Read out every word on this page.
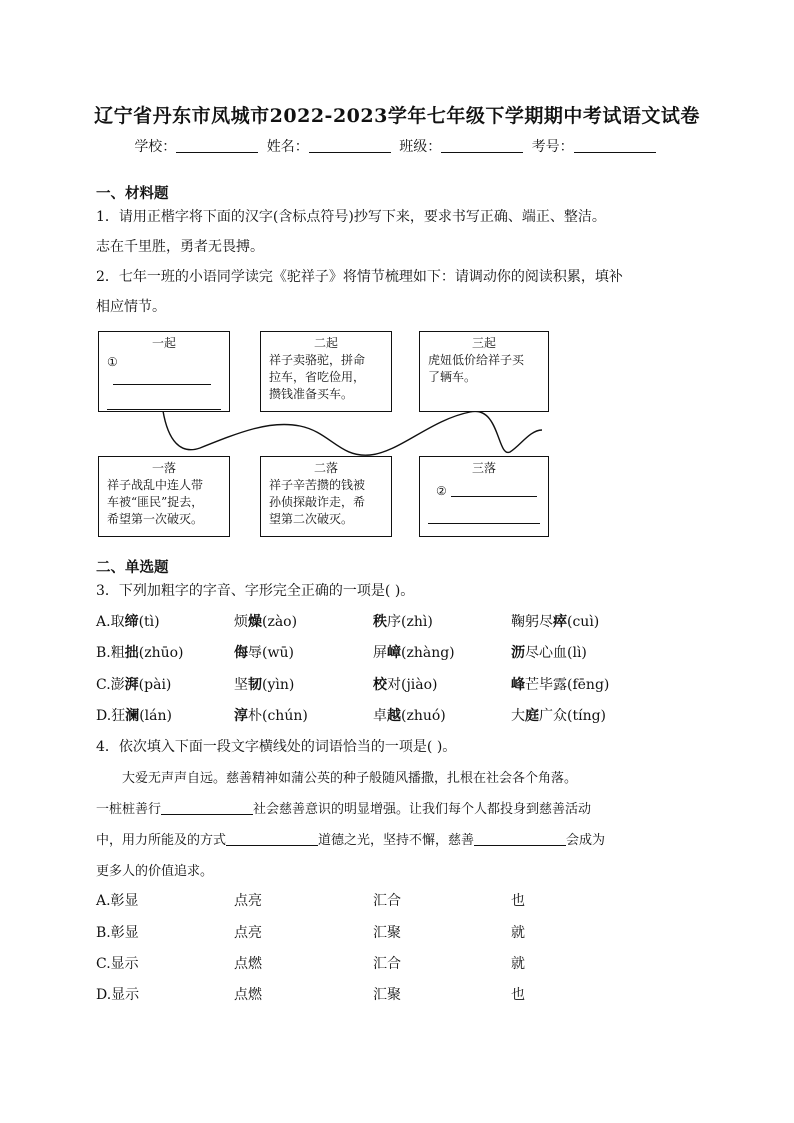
辽宁省丹东市凤城市2022-2023学年七年级下学期期中考试语文试卷
学校：	姓名：	班级：	考号：
一、材料题
1．请用正楷字将下面的汉字(含标点符号)抄写下来，要求书写正确、端正、整洁。
志在千里胜，勇者无畏搏。
2．七年一班的小语同学读完《驼祥子》将情节梳理如下：请调动你的阅读积累，填补
相应情节。
一起
①
二起
祥子卖骆驼，拼命
拉车，省吃俭用，
攒钱准备买车。
三起
虎妞低价给祥子买
了辆车。
一落
祥子战乱中连人带
车被“匪民”捉去，
希望第一次破灭。
二落
祥子辛苦攒的钱被
孙侦探敲诈走，希
望第二次破灭。
三落
②
二、单选题
3．下列加粗字的字音、字形完全正确的一项是( )。
A.取缔(tì)	烦燥(zào)	秩序(zhì)	鞠躬尽瘁(cuì)
B.粗拙(zhūo)	侮辱(wū)	屏嶂(zhàng)	沥尽心血(lì)
C.澎湃(pài)	坚韧(yìn)	校对(jiào)	峰芒毕露(fēng)
D.狂澜(lán)	淳朴(chún)	卓越(zhuó)	大庭广众(tíng)
4．依次填入下面一段文字横线处的词语恰当的一项是( )。
大爱无声声自远。慈善精神如蒲公英的种子般随风播撒，扎根在社会各个角落。
一桩桩善行	社会慈善意识的明显增强。让我们每个人都投身到慈善活动
中，用力所能及的方式	道德之光，坚持不懈，慈善	会成为
更多人的价值追求。
A.彰显	点亮	汇合	也
B.彰显	点亮	汇聚	就
C.显示	点燃	汇合	就
D.显示	点燃	汇聚	也
